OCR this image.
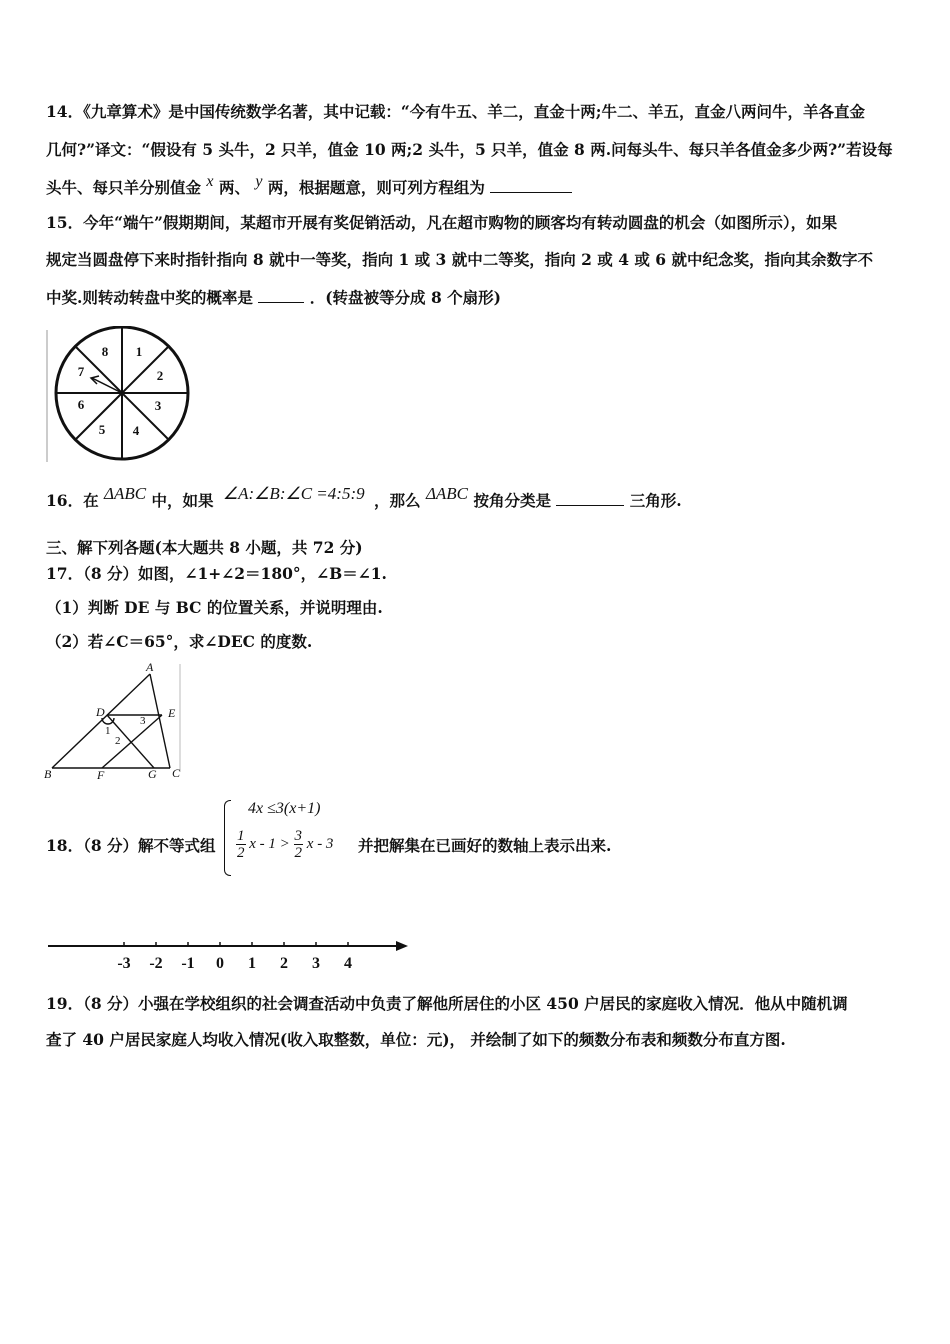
14．《九章算术》是中国传统数学名著，其中记载：“今有牛五、羊二，直金十两;牛二、羊五，直金八两问牛，羊各直金
几何?”译文：“假设有 5 头牛，2 只羊，值金 10 两;2 头牛，5 只羊，值金 8 两.问每头牛、每只羊各值金多少两?”若设每
头牛、每只羊分别值金 x 两、 y 两，根据题意，则可列方程组为
15．今年“端午”假期期间，某超市开展有奖促销活动，凡在超市购物的顾客均有转动圆盘的机会（如图所示），如果
规定当圆盘停下来时指针指向 8 就中一等奖，指向 1 或 3 就中二等奖，指向 2 或 4 或 6 就中纪念奖，指向其余数字不
中奖.则转动转盘中奖的概率是	．(转盘被等分成 8 个扇形)
8 1
2
3
4
5
6
7
16．在 ΔABC 中，如果 ∠A:∠B:∠C =4:5:9 ，那么 ΔABC 按角分类是	三角形.
三、解下列各题(本大题共 8 小题，共 72 分)
17．（8 分）如图，∠1+∠2＝180°，∠B＝∠1.
（1）判断 DE 与 BC 的位置关系，并说明理由.
（2）若∠C＝65°，求∠DEC 的度数.
A
D	E
B	F	G C
1
2
3
18．（8 分）解不等式组
4x ≤3(x+1)
$\frac{1}{2}$ $x - 1 > \frac{3}{2}$ x - 3 并把解集在已画好的数轴上表示出来.
-3 -2 -1 0 1 2 3 4
19．（8 分）小强在学校组织的社会调查活动中负责了解他所居住的小区 450 户居民的家庭收入情况．他从中随机调
查了 40 户居民家庭人均收入情况(收入取整数，单位：元)， 并绘制了如下的频数分布表和频数分布直方图.
